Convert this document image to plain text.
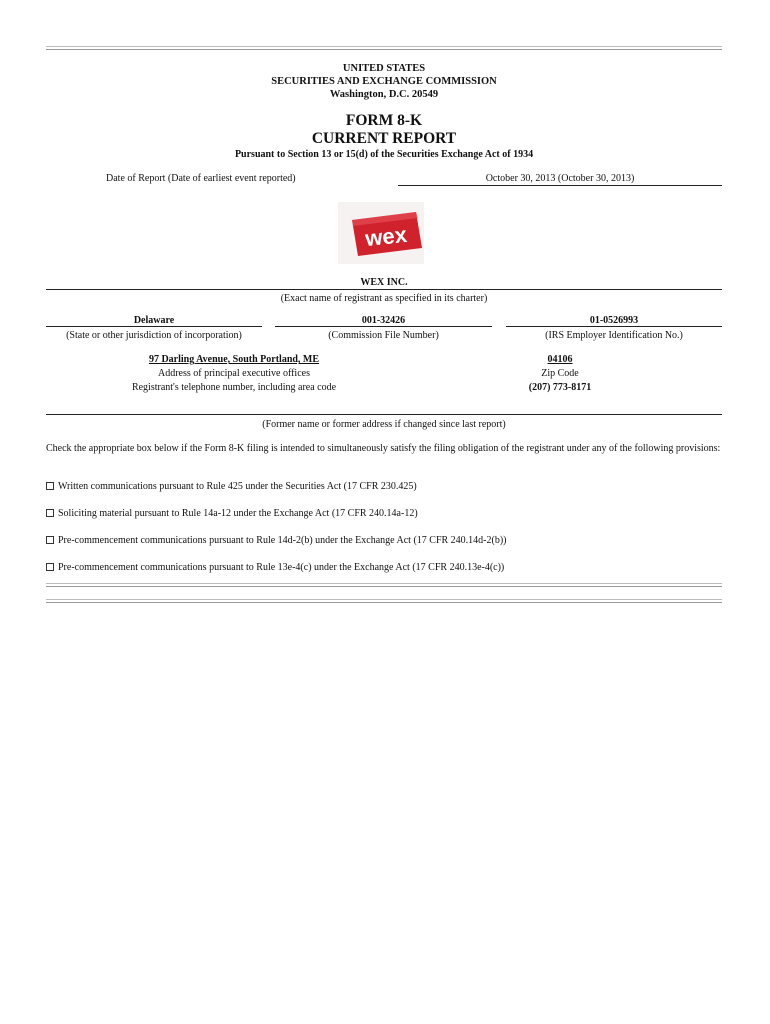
UNITED STATES
SECURITIES AND EXCHANGE COMMISSION
Washington, D.C. 20549
FORM 8-K
CURRENT REPORT
Pursuant to Section 13 or 15(d) of the Securities Exchange Act of 1934
Date of Report (Date of earliest event reported)	October 30, 2013 (October 30, 2013)
wex
WEX INC.
(Exact name of registrant as specified in its charter)
Delaware
(State or other jurisdiction of incorporation)
001-32426
(Commission File Number)
01-0526993
(IRS Employer Identification No.)
97 Darling Avenue, South Portland, ME
Address of principal executive offices
Registrant's telephone number, including area code
04106
Zip Code
(207) 773-8171
(Former name or former address if changed since last report)
Check the appropriate box below if the Form 8-K filing is intended to simultaneously satisfy the filing obligation of the registrant under any of the following provisions:
Written communications pursuant to Rule 425 under the Securities Act (17 CFR 230.425)
Soliciting material pursuant to Rule 14a-12 under the Exchange Act (17 CFR 240.14a-12)
Pre-commencement communications pursuant to Rule 14d-2(b) under the Exchange Act (17 CFR 240.14d-2(b))
Pre-commencement communications pursuant to Rule 13e-4(c) under the Exchange Act (17 CFR 240.13e-4(c))
